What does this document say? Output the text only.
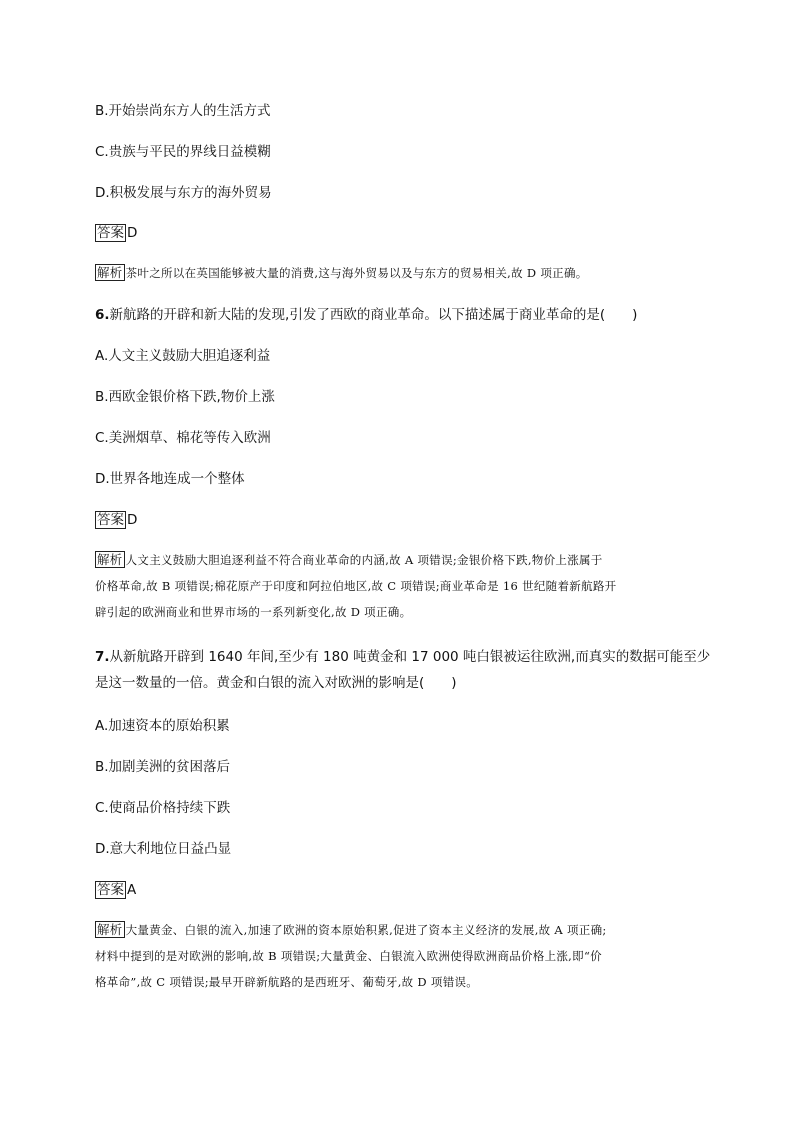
B.开始崇尚东方人的生活方式
C.贵族与平民的界线日益模糊
D.积极发展与东方的海外贸易
答案 D
解析 茶叶之所以在英国能够被大量的消费,这与海外贸易以及与东方的贸易相关,故 D 项正确。
6.新航路的开辟和新大陆的发现,引发了西欧的商业革命。以下描述属于商业革命的是(　　)
A.人文主义鼓励大胆追逐利益
B.西欧金银价格下跌,物价上涨
C.美洲烟草、棉花等传入欧洲
D.世界各地连成一个整体
答案 D
解析 人文主义鼓励大胆追逐利益不符合商业革命的内涵,故 A 项错误;金银价格下跌,物价上涨属于
价格革命,故 B 项错误;棉花原产于印度和阿拉伯地区,故 C 项错误;商业革命是 16 世纪随着新航路开
辟引起的欧洲商业和世界市场的一系列新变化,故 D 项正确。
7.从新航路开辟到 1640 年间,至少有 180 吨黄金和 17 000 吨白银被运往欧洲,而真实的数据可能至少
是这一数量的一倍。黄金和白银的流入对欧洲的影响是(　　)
A.加速资本的原始积累
B.加剧美洲的贫困落后
C.使商品价格持续下跌
D.意大利地位日益凸显
答案 A
解析 大量黄金、白银的流入,加速了欧洲的资本原始积累,促进了资本主义经济的发展,故 A 项正确;
材料中提到的是对欧洲的影响,故 B 项错误;大量黄金、白银流入欧洲使得欧洲商品价格上涨,即“价
格革命”,故 C 项错误;最早开辟新航路的是西班牙、葡萄牙,故 D 项错误。
